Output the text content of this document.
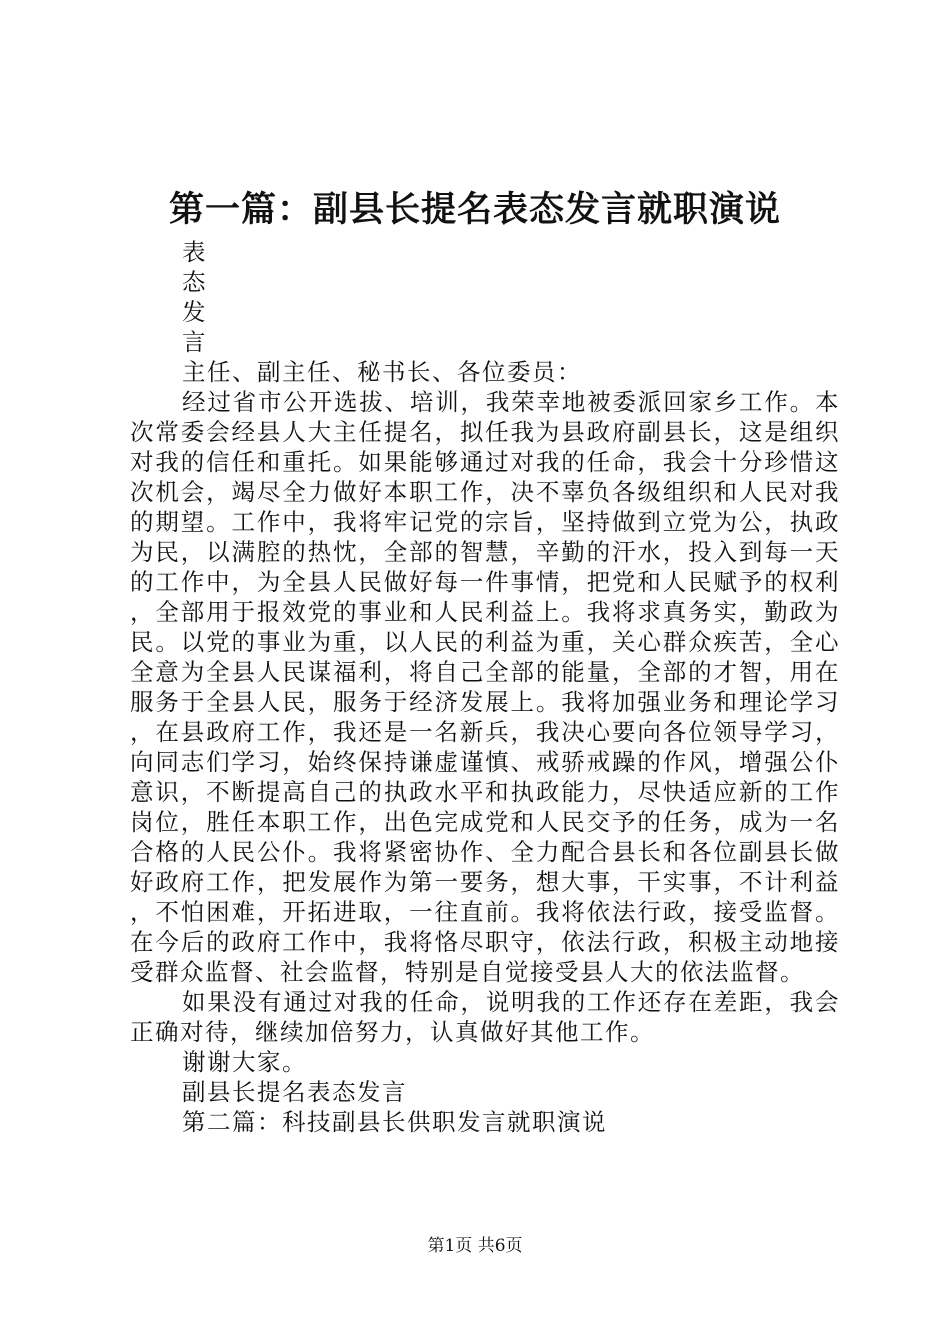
第一篇：副县长提名表态发言就职演说

表

态

发

言

主任、副主任、秘书长、各位委员：

经过省市公开选拔、培训，我荣幸地被委派回家乡工作。本次常委会经县人大主任提名，拟任我为县政府副县长，这是组织对我的信任和重托。如果能够通过对我的任命，我会十分珍惜这次机会，竭尽全力做好本职工作，决不辜负各级组织和人民对我的期望。工作中，我将牢记党的宗旨，坚持做到立党为公，执政为民，以满腔的热忱，全部的智慧，辛勤的汗水，投入到每一天的工作中，为全县人民做好每一件事情，把党和人民赋予的权利，全部用于报效党的事业和人民利益上。我将求真务实，勤政为民。以党的事业为重，以人民的利益为重，关心群众疾苦，全心全意为全县人民谋福利，将自己全部的能量，全部的才智，用在服务于全县人民，服务于经济发展上。我将加强业务和理论学习，在县政府工作，我还是一名新兵，我决心要向各位领导学习，向同志们学习，始终保持谦虚谨慎、戒骄戒躁的作风，增强公仆意识，不断提高自己的执政水平和执政能力，尽快适应新的工作岗位，胜任本职工作，出色完成党和人民交予的任务，成为一名合格的人民公仆。我将紧密协作、全力配合县长和各位副县长做好政府工作，把发展作为第一要务，想大事，干实事，不计利益，不怕困难，开拓进取，一往直前。我将依法行政，接受监督。在今后的政府工作中，我将恪尽职守，依法行政，积极主动地接受群众监督、社会监督，特别是自觉接受县人大的依法监督。

如果没有通过对我的任命，说明我的工作还存在差距，我会正确对待，继续加倍努力，认真做好其他工作。

谢谢大家。

副县长提名表态发言

第二篇：科技副县长供职发言就职演说

第1页 共6页
